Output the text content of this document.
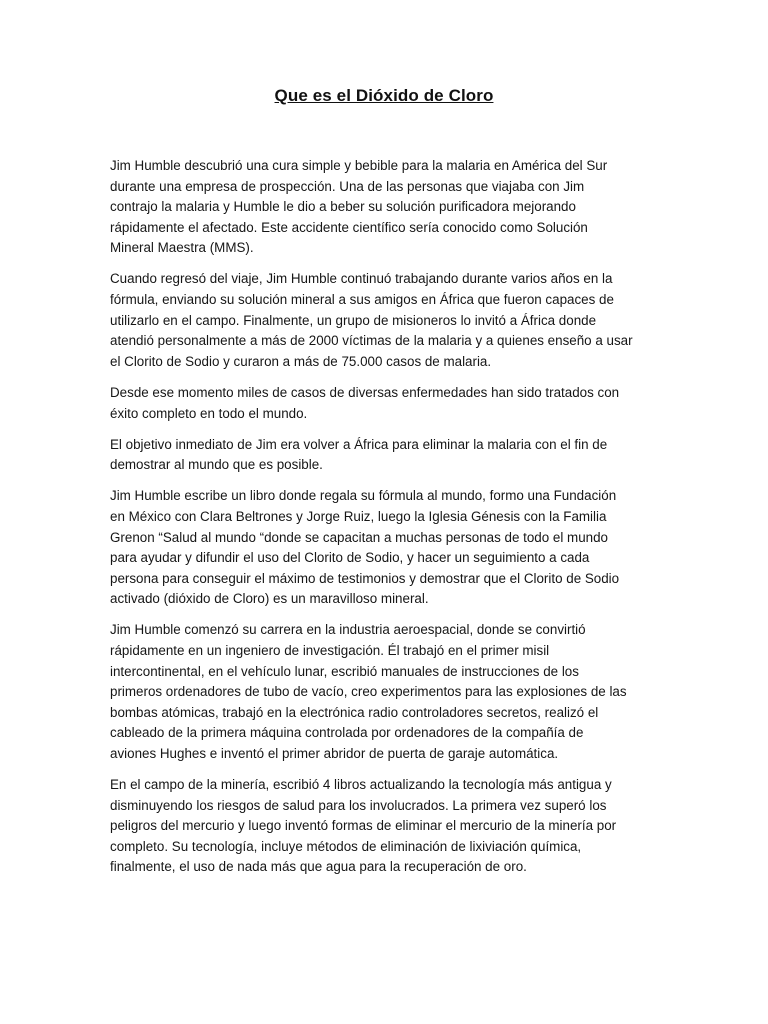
Que es el Dióxido de Cloro

Jim Humble descubrió una cura simple y bebible para la malaria en América del Sur
durante una empresa de prospección. Una de las personas que viajaba con Jim
contrajo la malaria y Humble le dio a beber su solución purificadora mejorando
rápidamente el afectado. Este accidente científico sería conocido como Solución
Mineral Maestra (MMS).

Cuando regresó del viaje, Jim Humble continuó trabajando durante varios años en la
fórmula, enviando su solución mineral a sus amigos en África que fueron capaces de
utilizarlo en el campo. Finalmente, un grupo de misioneros lo invitó a África donde
atendió personalmente a más de 2000 víctimas de la malaria y a quienes enseño a usar
el Clorito de Sodio y curaron a más de 75.000 casos de malaria.

Desde ese momento miles de casos de diversas enfermedades han sido tratados con
éxito completo en todo el mundo.

El objetivo inmediato de Jim era volver a África para eliminar la malaria con el fin de
demostrar al mundo que es posible.

Jim Humble escribe un libro donde regala su fórmula al mundo, formo una Fundación
en México con Clara Beltrones y Jorge Ruiz, luego la Iglesia Génesis con la Familia
Grenon “Salud al mundo “donde se capacitan a muchas personas de todo el mundo
para ayudar y difundir el uso del Clorito de Sodio, y hacer un seguimiento a cada
persona para conseguir el máximo de testimonios y demostrar que el Clorito de Sodio
activado (dióxido de Cloro) es un maravilloso mineral.

Jim Humble comenzó su carrera en la industria aeroespacial, donde se convirtió
rápidamente en un ingeniero de investigación. Él trabajó en el primer misil
intercontinental, en el vehículo lunar, escribió manuales de instrucciones de los
primeros ordenadores de tubo de vacío, creo experimentos para las explosiones de las
bombas atómicas, trabajó en la electrónica radio controladores secretos, realizó el
cableado de la primera máquina controlada por ordenadores de la compañía de
aviones Hughes e inventó el primer abridor de puerta de garaje automática.

En el campo de la minería, escribió 4 libros actualizando la tecnología más antigua y
disminuyendo los riesgos de salud para los involucrados. La primera vez superó los
peligros del mercurio y luego inventó formas de eliminar el mercurio de la minería por
completo. Su tecnología, incluye métodos de eliminación de lixiviación química,
finalmente, el uso de nada más que agua para la recuperación de oro.
